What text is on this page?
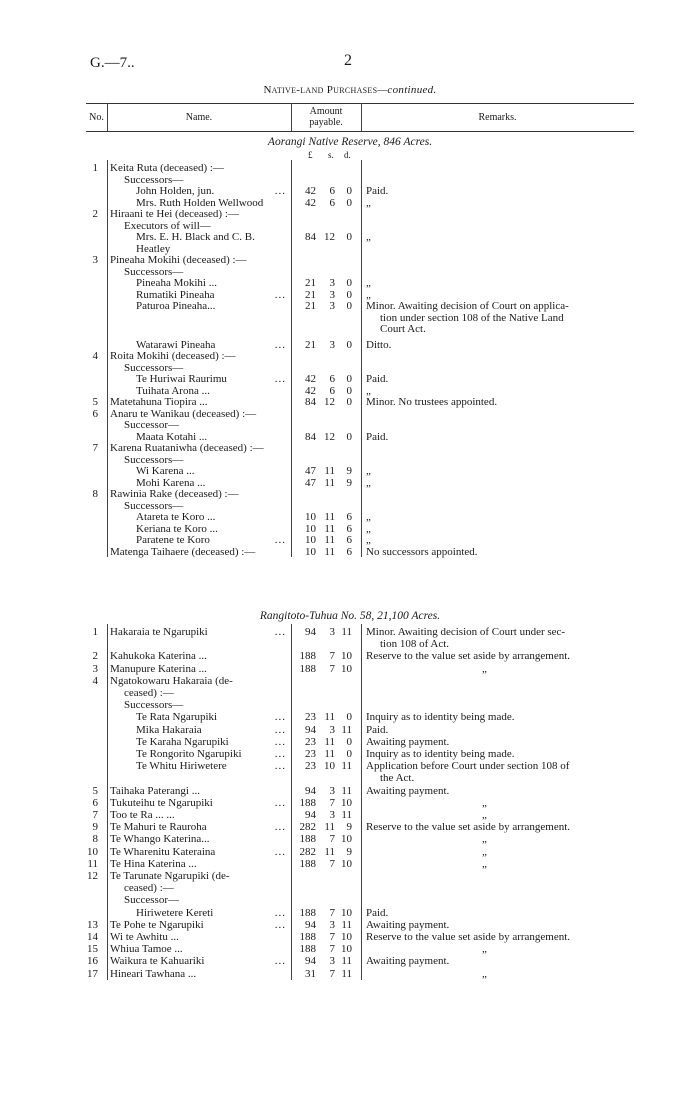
G.—7..	2
Native-land Purchases—continued.
No.	Name.
Amount payable.	Remarks.
Aorangi Native Reserve, 846 Acres.
£ s. d.
1 Keita Ruta (deceased) :—
Successors—
John Holden, jun.	...	42	6	0 Paid.
Mrs. Ruth Holden Wellwood	42	6	0 „
2 Hiraani te Hei (deceased) :—
Executors of will—
Mrs. E. H. Black and C. B.	84 12	0 „
Heatley
3 Pineaha Mokihi (deceased) :—
Successors—
Pineaha Mokihi ...	21	3	0 „
Rumatiki Pineaha	...	21	3	0 „
Paturoa Pineaha...	21	3	0 Minor. Awaiting decision of Court on applica-
tion under section 108 of the Native Land
Court Act.
Watarawi Pineaha	...	21	3	0 Ditto.
4 Roita Mokihi (deceased) :—
Successors—
Te Huriwai Raurimu	...	42	6	0 Paid.
Tuihata Arona ...	42	6	0 „
5 Matetahuna Tiopira ...	84 12	0 Minor. No trustees appointed.
6 Anaru te Wanikau (deceased) :—
Successor—
Maata Kotahi ...	84 12	0 Paid.
7 Karena Ruataniwha (deceased) :—
Successors—
Wi Karena ...	47 11	9 „
Mohi Karena ...	47 11	9 „
8 Rawinia Rake (deceased) :—
Successors—
Atareta te Koro ...	10 11	6 „
Keriana te Koro ...	10 11	6 „
Paratene te Koro	...	10 11	6 „
Matenga Taihaere (deceased) :—	10 11	6 No successors appointed.
Rangitoto-Tuhua No. 58, 21,100 Acres.
1 Hakaraia te Ngarupiki	...	94	3 11 Minor. Awaiting decision of Court under sec-
tion 108 of Act.
2 Kahukoka Katerina ...	188	7 10 Reserve to the value set aside by arrangement.
3 Manupure Katerina ...	188	7 10	„
4 Ngatokowaru Hakaraia (de-
ceased) :—
Successors—
Te Rata Ngarupiki	...	23 11	0 Inquiry as to identity being made.
Mika Hakaraia	...	94	3 11 Paid.
Te Karaha Ngarupiki	...	23 11	0 Awaiting payment.
Te Rongorito Ngarupiki	...	23 11	0 Inquiry as to identity being made.
Te Whitu Hiriwetere	...	23 10 11 Application before Court under section 108 of
the Act.
5 Taihaka Paterangi ...	94	3 11 Awaiting payment.
6 Tukuteihu te Ngarupiki	...	188	7 10	„
7 Too te Ra ... ...	94	3 11	„
9 Te Mahuri te Rauroha	...	282 11	9 Reserve to the value set aside by arrangement.
8 Te Whango Katerina...	188	7 10	„
10 Te Wharenitu Kateraina	...	282 11	9	„
11 Te Hina Katerina ...	188	7 10	„
12 Te Tarunate Ngarupiki (de-
ceased) :—
Successor—
Hiriwetere Kereti	...	188	7 10 Paid.
13 Te Pohe te Ngarupiki	...	94	3 11 Awaiting payment.
14 Wi te Awhitu ...	188	7 10 Reserve to the value set aside by arrangement.
15 Whiua Tamoe ...	188	7 10	„
16 Waikura te Kahuariki	...	94	3 11 Awaiting payment.
17 Hineari Tawhana ...	31	7 11	„
